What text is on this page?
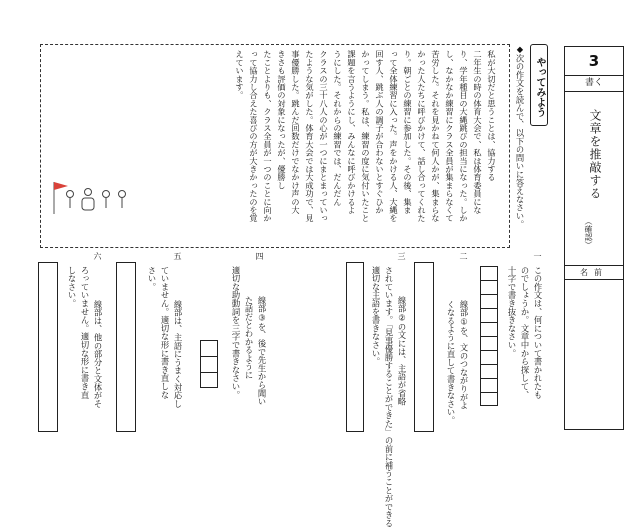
3
書く
文章を推敲する
（確認）
名前
やってみよう
◆次の作文を読んで、以下の問いに答えなさい。
私が大切だと思うことは、協力する
二年生の時の体育大会で、私は体育委員にな
り、学年種目の大縄跳びの担当になった。しか
し、なかなか練習にクラス全員が集まらなくて
苦労した。それを見かねて何人かが、集まらな
かった人たちに呼びかけて、話し合ってくれた
り。朝ごとの練習に参加した。その後、集ま
って全体練習に入った。声をかける人、大縄を
回す人、跳ぶ人の調子が合わないとすぐひか
かってしまう。私は、練習の度に気付いたこと
課題を言うようにし、みんなに呼びかけるよ
うにした。それからの練習では、だんだん
クラスの三十八人の心が一つにまとまっていっ
たような気がした。体育大会では大成功で、見
事優勝した。跳んだ回数だけでなかけ声の大
きさも評価の対象になったが、優勝し
たことよりも、クラス全員が一つのことに向か
って協力し合えた喜びの方が大きかったのを覚
えています。
一
この作文は、何について書かれたも
のでしょうか。文章中から探して、
十字で書き抜きなさい。
二
線部①を、文のつながりがよ
くなるように直して書きなさい。
三
線部②の文には、主語が省略
されています。「見事優勝することができた」の前に補うことができる
適切な主語を書きなさい。
四
線部③を、後で先生から聞い
た話だとわかるように
適切な助動詞を三字で書きなさい。
五
線部は、主語にうまく対応し
ていません。適切な形に書き直しな
さい。
六
線部は、他の部分と文体がそ
ろっていません。適切な形に書き直
しなさい。
